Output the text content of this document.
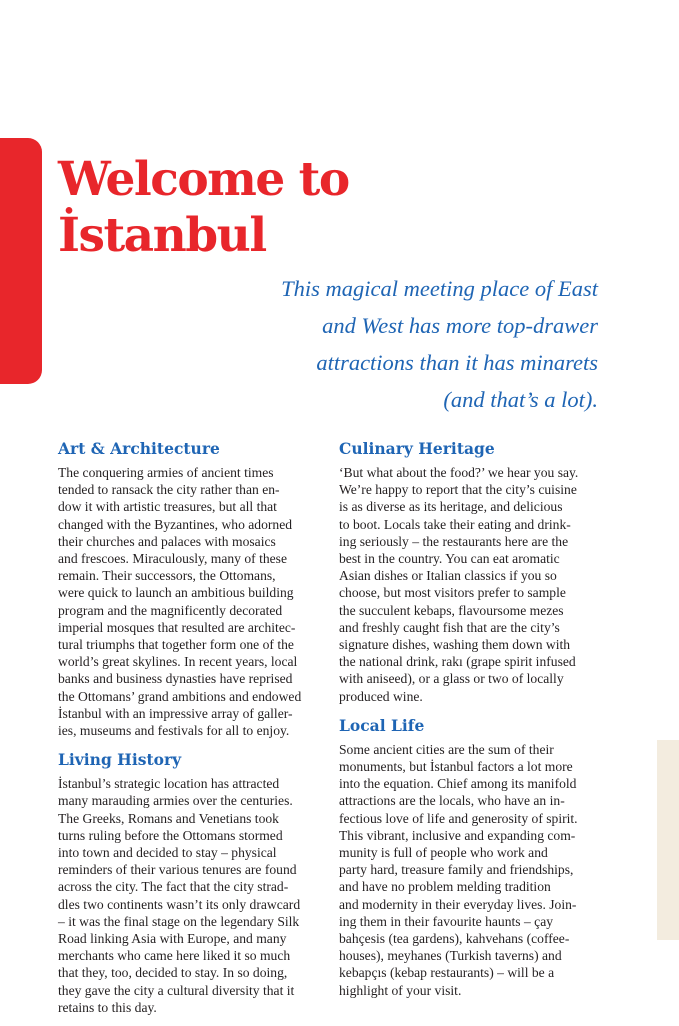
Welcome to
İstanbul
This magical meeting place of East
and West has more top-drawer
attractions than it has minarets
(and that’s a lot).
Art & Architecture
The conquering armies of ancient times
tended to ransack the city rather than en-
dow it with artistic treasures, but all that
changed with the Byzantines, who adorned
their churches and palaces with mosaics
and frescoes. Miraculously, many of these
remain. Their successors, the Ottomans,
were quick to launch an ambitious building
program and the magnificently decorated
imperial mosques that resulted are architec-
tural triumphs that together form one of the
world’s great skylines. In recent years, local
banks and business dynasties have reprised
the Ottomans’ grand ambitions and endowed
İstanbul with an impressive array of galler-
ies, museums and festivals for all to enjoy.
Living History
İstanbul’s strategic location has attracted
many marauding armies over the centuries.
The Greeks, Romans and Venetians took
turns ruling before the Ottomans stormed
into town and decided to stay – physical
reminders of their various tenures are found
across the city. The fact that the city strad-
dles two continents wasn’t its only drawcard
– it was the final stage on the legendary Silk
Road linking Asia with Europe, and many
merchants who came here liked it so much
that they, too, decided to stay. In so doing,
they gave the city a cultural diversity that it
retains to this day.
Culinary Heritage
‘But what about the food?’ we hear you say.
We’re happy to report that the city’s cuisine
is as diverse as its heritage, and delicious
to boot. Locals take their eating and drink-
ing seriously – the restaurants here are the
best in the country. You can eat aromatic
Asian dishes or Italian classics if you so
choose, but most visitors prefer to sample
the succulent kebaps, flavoursome mezes
and freshly caught fish that are the city’s
signature dishes, washing them down with
the national drink, rakı (grape spirit infused
with aniseed), or a glass or two of locally
produced wine.
Local Life
Some ancient cities are the sum of their
monuments, but İstanbul factors a lot more
into the equation. Chief among its manifold
attractions are the locals, who have an in-
fectious love of life and generosity of spirit.
This vibrant, inclusive and expanding com-
munity is full of people who work and
party hard, treasure family and friendships,
and have no problem melding tradition
and modernity in their everyday lives. Join-
ing them in their favourite haunts – çay
bahçesis (tea gardens), kahvehans (coffee-
houses), meyhanes (Turkish taverns) and
kebapçıs (kebap restaurants) – will be a
highlight of your visit.
